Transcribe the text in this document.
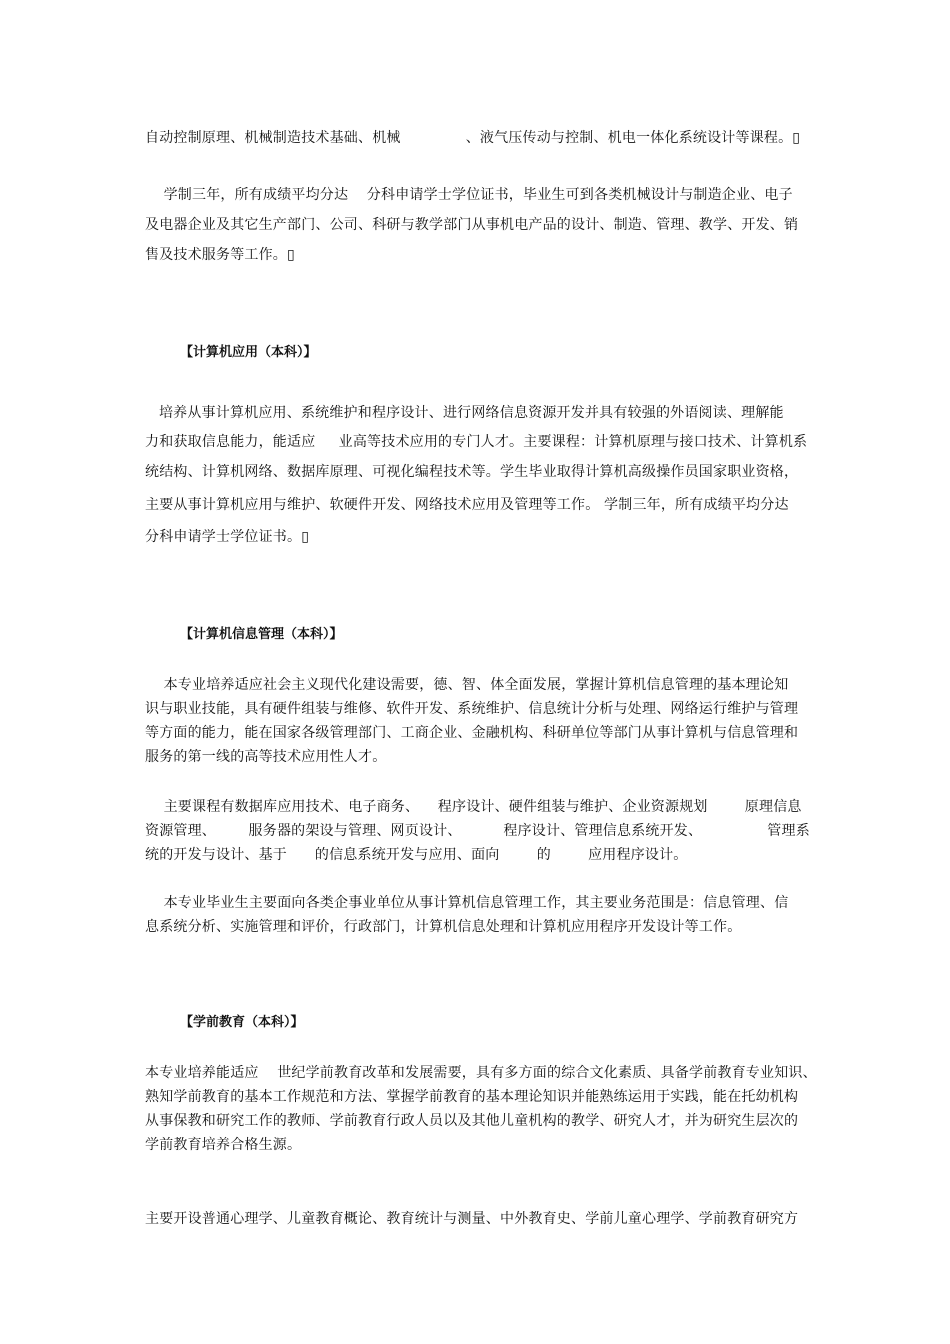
自动控制原理、机械制造技术基础、机械              、液气压传动与控制、机电一体化系统设计等课程。▯
学制三年，所有成绩平均分达    分科申请学士学位证书，毕业生可到各类机械设计与制造企业、电子
及电器企业及其它生产部门、公司、科研与教学部门从事机电产品的设计、制造、管理、教学、开发、销
售及技术服务等工作。▯
【计算机应用（本科）】
培养从事计算机应用、系统维护和程序设计、进行网络信息资源开发并具有较强的外语阅读、理解能
力和获取信息能力，能适应     业高等技术应用的专门人才。主要课程：计算机原理与接口技术、计算机系
统结构、计算机网络、数据库原理、可视化编程技术等。学生毕业取得计算机高级操作员国家职业资格，
主要从事计算机应用与维护、软硬件开发、网络技术应用及管理等工作。 学制三年，所有成绩平均分达
分科申请学士学位证书。▯
【计算机信息管理（本科）】
本专业培养适应社会主义现代化建设需要，德、智、体全面发展，掌握计算机信息管理的基本理论知
识与职业技能，具有硬件组装与维修、软件开发、系统维护、信息统计分析与处理、网络运行维护与管理
等方面的能力，能在国家各级管理部门、工商企业、金融机构、科研单位等部门从事计算机与信息管理和
服务的第一线的高等技术应用性人才。
主要课程有数据库应用技术、电子商务、    程序设计、硬件组装与维护、企业资源规划        原理信息
资源管理、       服务器的架设与管理、网页设计、         程序设计、管理信息系统开发、              管理系
统的开发与设计、基于      的信息系统开发与应用、面向        的        应用程序设计。
本专业毕业生主要面向各类企事业单位从事计算机信息管理工作，其主要业务范围是：信息管理、信
息系统分析、实施管理和评价，行政部门，计算机信息处理和计算机应用程序开发设计等工作。
【学前教育（本科）】
本专业培养能适应    世纪学前教育改革和发展需要，具有多方面的综合文化素质、具备学前教育专业知识、
熟知学前教育的基本工作规范和方法、掌握学前教育的基本理论知识并能熟练运用于实践，能在托幼机构
从事保教和研究工作的教师、学前教育行政人员以及其他儿童机构的教学、研究人才，并为研究生层次的
学前教育培养合格生源。
主要开设普通心理学、儿童教育概论、教育统计与测量、中外教育史、学前儿童心理学、学前教育研究方
